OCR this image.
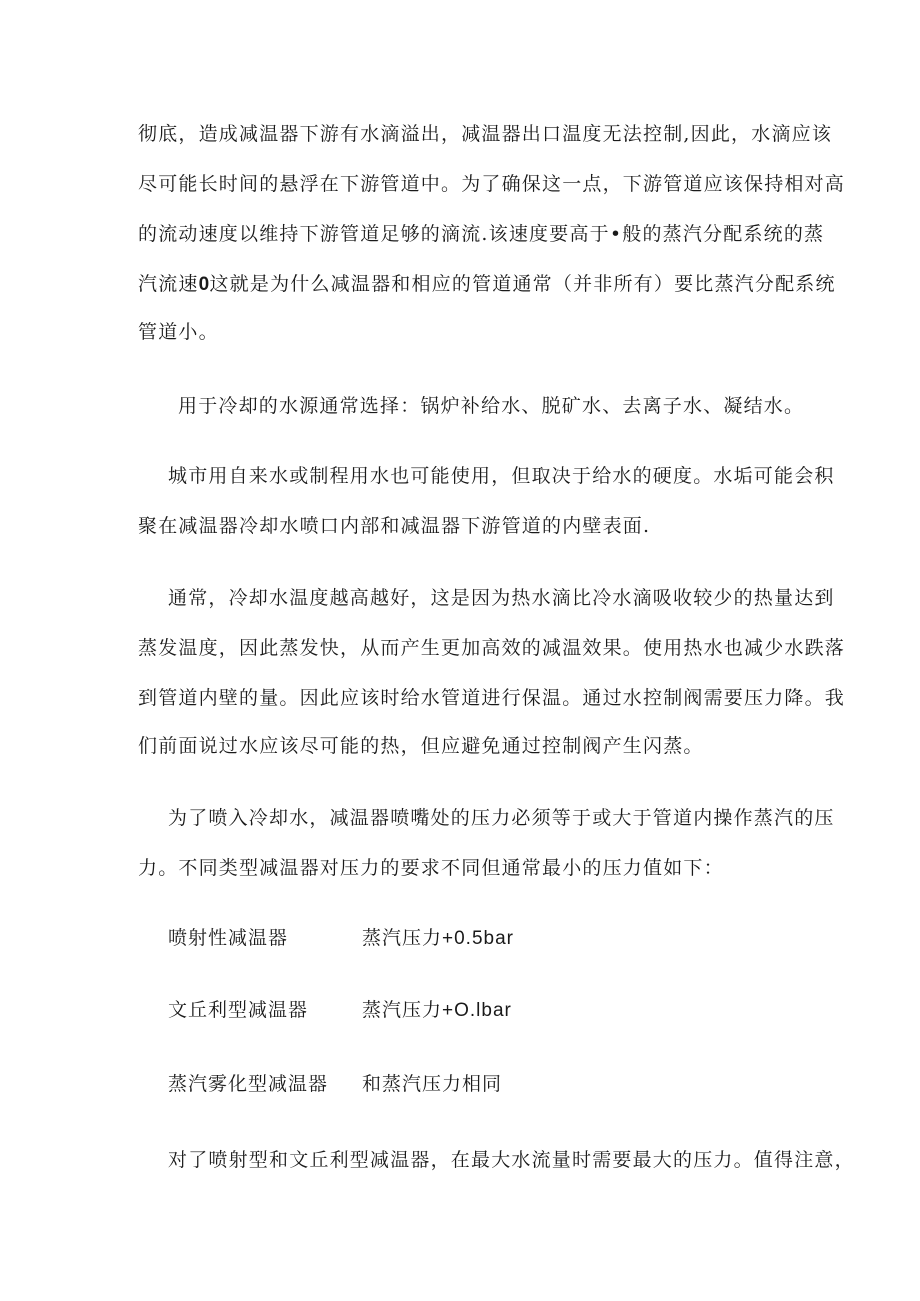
彻底，造成减温器下游有水滴溢出，减温器出口温度无法控制,因此，水滴应该
尽可能长时间的悬浮在下游管道中。为了确保这一点，下游管道应该保持相对高
的流动速度以维持下游管道足够的滴流.该速度要高于•般的蒸汽分配系统的蒸
汽流速0这就是为什么减温器和相应的管道通常（并非所有）要比蒸汽分配系统
管道小。
用于冷却的水源通常选择：锅炉补给水、脱矿水、去离子水、凝结水。
城市用自来水或制程用水也可能使用，但取决于给水的硬度。水垢可能会积
聚在减温器冷却水喷口内部和减温器下游管道的内壁表面.
通常，冷却水温度越高越好，这是因为热水滴比冷水滴吸收较少的热量达到
蒸发温度，因此蒸发快，从而产生更加高效的减温效果。使用热水也减少水跌落
到管道内壁的量。因此应该时给水管道进行保温。通过水控制阀需要压力降。我
们前面说过水应该尽可能的热，但应避免通过控制阀产生闪蒸。
为了喷入冷却水，减温器喷嘴处的压力必须等于或大于管道内操作蒸汽的压
力。不同类型减温器对压力的要求不同但通常最小的压力值如下：
喷射性减温器	蒸汽压力+0.5bar
文丘利型减温器	蒸汽压力+O.lbar
蒸汽雾化型减温器 和蒸汽压力相同
对了喷射型和文丘利型减温器，在最大水流量时需要最大的压力。值得注意，
